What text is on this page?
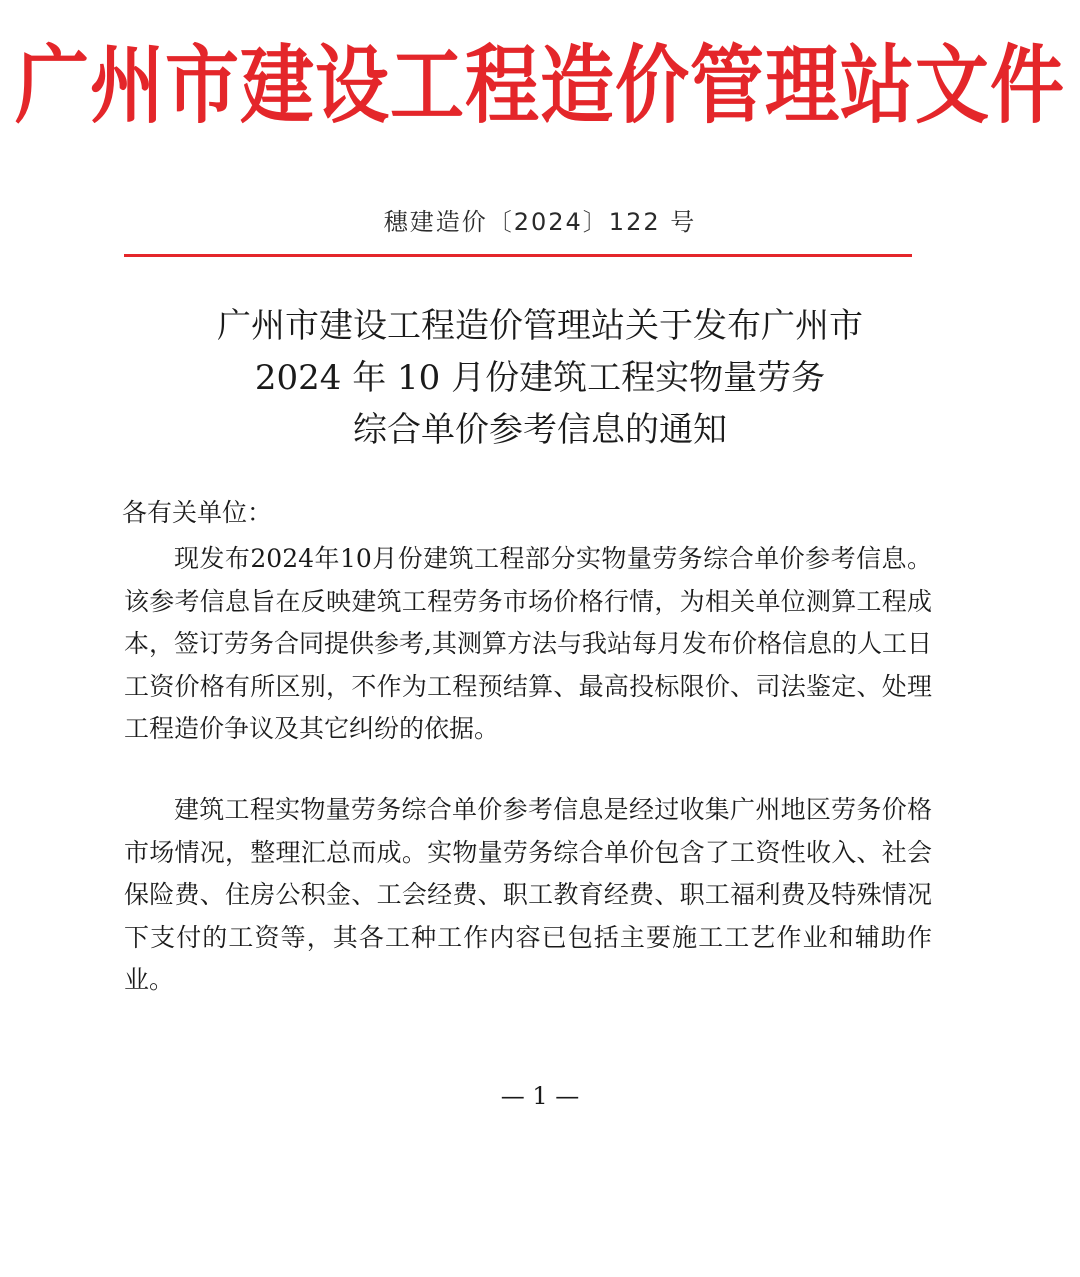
广州市建设工程造价管理站文件
穗建造价〔2024〕122 号
广州市建设工程造价管理站关于发布广州市
2024 年 10 月份建筑工程实物量劳务
综合单价参考信息的通知
各有关单位：
现发布2024年10月份建筑工程部分实物量劳务综合单价参考信息。该参考信息旨在反映建筑工程劳务市场价格行情，为相关单位测算工程成本，签订劳务合同提供参考,其测算方法与我站每月发布价格信息的人工日工资价格有所区别，不作为工程预结算、最高投标限价、司法鉴定、处理工程造价争议及其它纠纷的依据。
建筑工程实物量劳务综合单价参考信息是经过收集广州地区劳务价格市场情况，整理汇总而成。实物量劳务综合单价包含了工资性收入、社会保险费、住房公积金、工会经费、职工教育经费、职工福利费及特殊情况下支付的工资等，其各工种工作内容已包括主要施工工艺作业和辅助作业。
— 1 —
